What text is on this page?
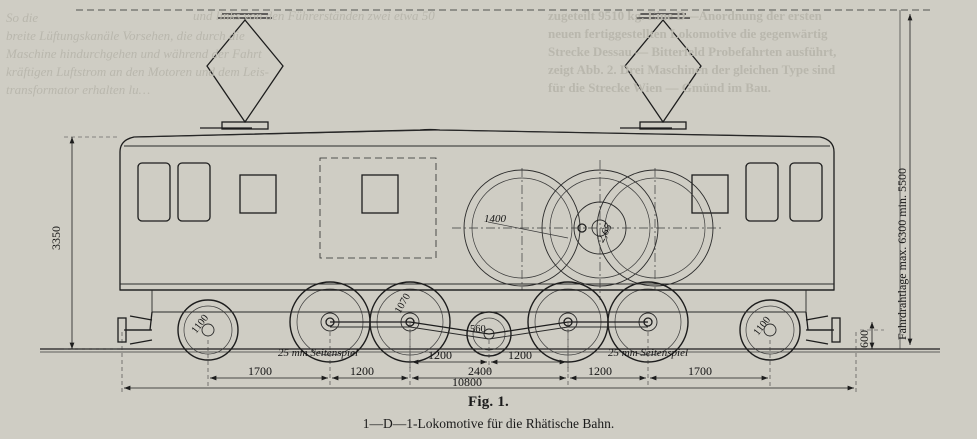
So die
breite Lüftungskanäle Vorsehen, die durch die
Maschine hindurchgehen und während der Fahrt
kräftigen Luftstrom an den Motoren und dem Leis-
transformator erhalten lu…
und links von den Führerständen zwei etwa 50	zugeteilt 9510 kg. Eine D—Anordnung der ersten
neuen fertiggestellten Lokomotive die gegenwärtig
Strecke Dessau — Bitterfeld Probefahrten ausführt,
zeigt Abb. 2. Drei Maschinen der gleichen Type sind
für die Strecke Wien — Gmünd im Bau.
1400
2,65
1100
1070
560	1100
3350	Fahrdrahtlage max. 6300 min. 5500
600
25 mm Seitenspiel	25 mm Seitenspiel
1200	1200
1700	1200	2400	1200	1700
10800
Fig. 1.
1—D—1-Lokomotive für die Rhätische Bahn.
